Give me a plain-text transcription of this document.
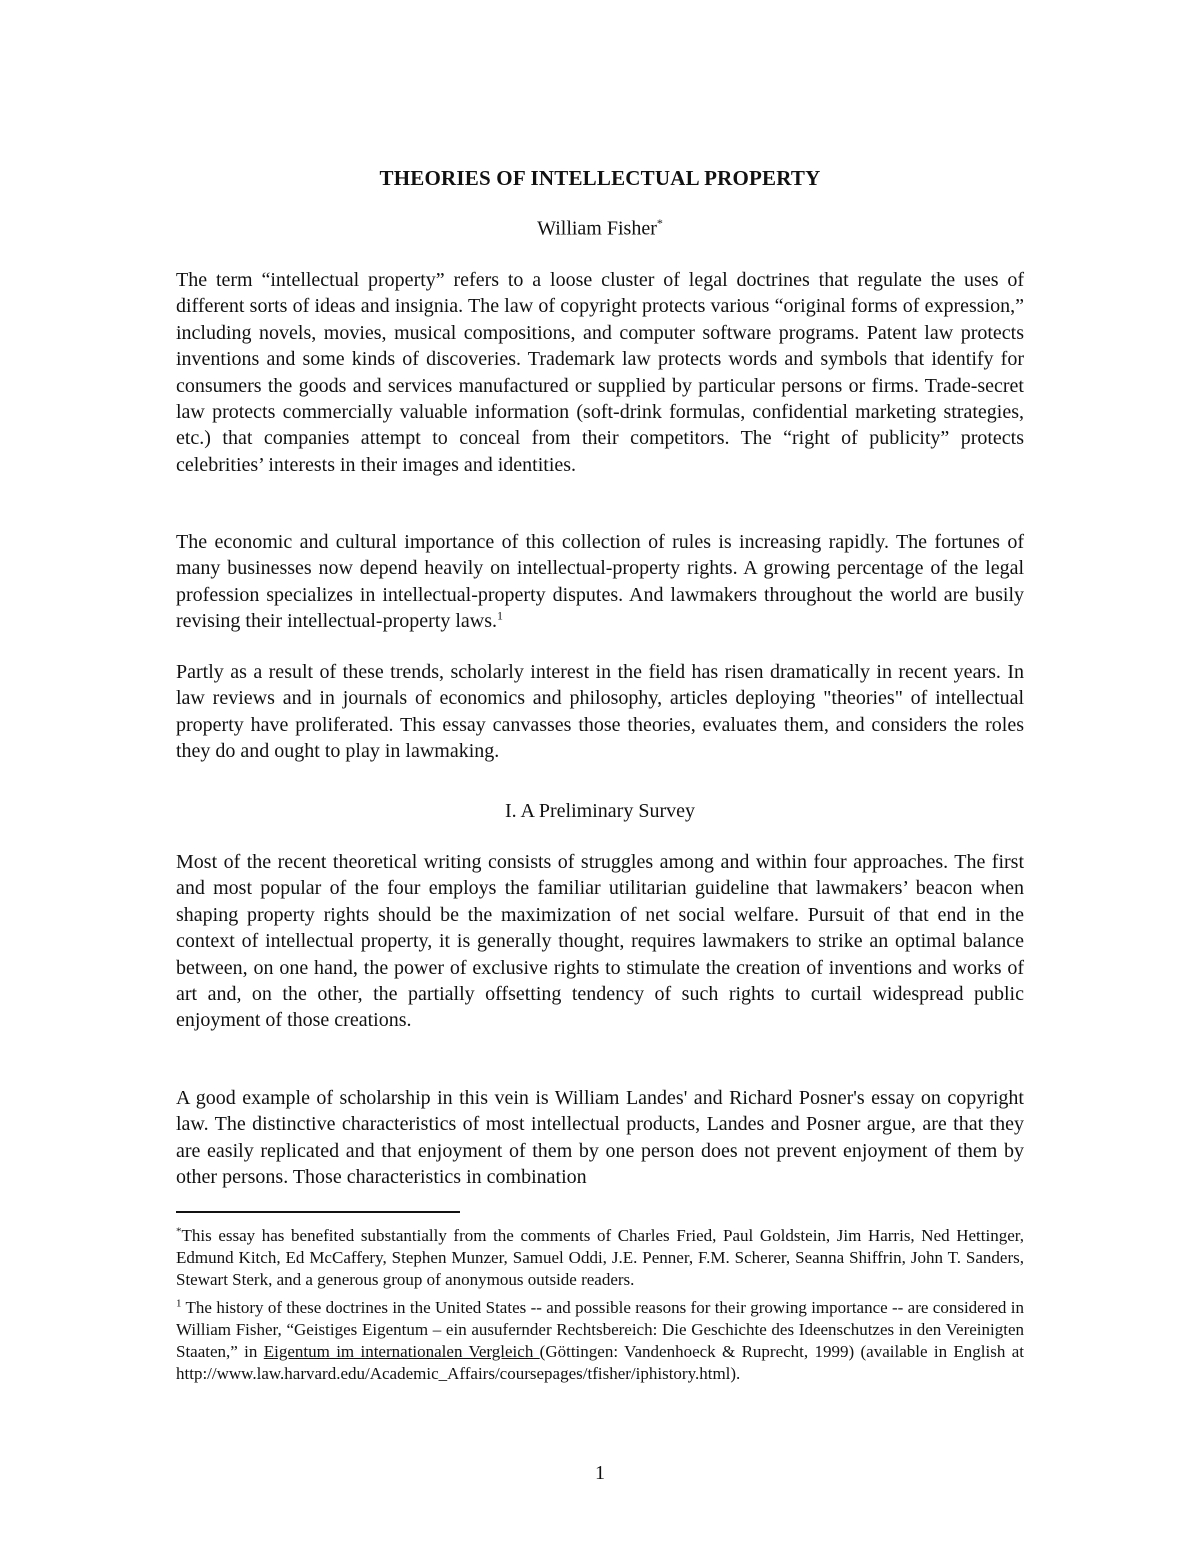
THEORIES OF INTELLECTUAL PROPERTY
William Fisher*

The term “intellectual property” refers to a loose cluster of legal doctrines that regulate the uses of different sorts of ideas and insignia. The law of copyright protects various “original forms of expression,” including novels, movies, musical compositions, and computer software programs. Patent law protects inventions and some kinds of discoveries. Trademark law protects words and symbols that identify for consumers the goods and services manufactured or supplied by particular persons or firms. Trade-secret law protects commercially valuable information (soft-drink formulas, confidential marketing strategies, etc.) that companies attempt to conceal from their competitors. The “right of publicity” protects celebrities’ interests in their images and identities.

The economic and cultural importance of this collection of rules is increasing rapidly. The fortunes of many businesses now depend heavily on intellectual-property rights. A growing percentage of the legal profession specializes in intellectual-property disputes. And lawmakers throughout the world are busily revising their intellectual-property laws.$^1$

Partly as a result of these trends, scholarly interest in the field has risen dramatically in recent years. In law reviews and in journals of economics and philosophy, articles deploying "theories" of intellectual property have proliferated. This essay canvasses those theories, evaluates them, and considers the roles they do and ought to play in lawmaking.

I. A Preliminary Survey

Most of the recent theoretical writing consists of struggles among and within four approaches. The first and most popular of the four employs the familiar utilitarian guideline that lawmakers’ beacon when shaping property rights should be the maximization of net social welfare. Pursuit of that end in the context of intellectual property, it is generally thought, requires lawmakers to strike an optimal balance between, on one hand, the power of exclusive rights to stimulate the creation of inventions and works of art and, on the other, the partially offsetting tendency of such rights to curtail widespread public enjoyment of those creations.

A good example of scholarship in this vein is William Landes' and Richard Posner's essay on copyright law. The distinctive characteristics of most intellectual products, Landes and Posner argue, are that they are easily replicated and that enjoyment of them by one person does not prevent enjoyment of them by other persons. Those characteristics in combination

*This essay has benefited substantially from the comments of Charles Fried, Paul Goldstein, Jim Harris, Ned Hettinger, Edmund Kitch, Ed McCaffery, Stephen Munzer, Samuel Oddi, J.E. Penner, F.M. Scherer, Seanna Shiffrin, John T. Sanders, Stewart Sterk, and a generous group of anonymous outside readers.

$^1$ The history of these doctrines in the United States -- and possible reasons for their growing importance -- are considered in William Fisher, “Geistiges Eigentum – ein ausufernder Rechtsbereich: Die Geschichte des Ideenschutzes in den Vereinigten Staaten,” in Eigentum im internationalen Vergleich (Göttingen: Vandenhoeck & Ruprecht, 1999) (available in English at http://www.law.harvard.edu/Academic_Affairs/coursepages/tfisher/iphistory.html).

1
